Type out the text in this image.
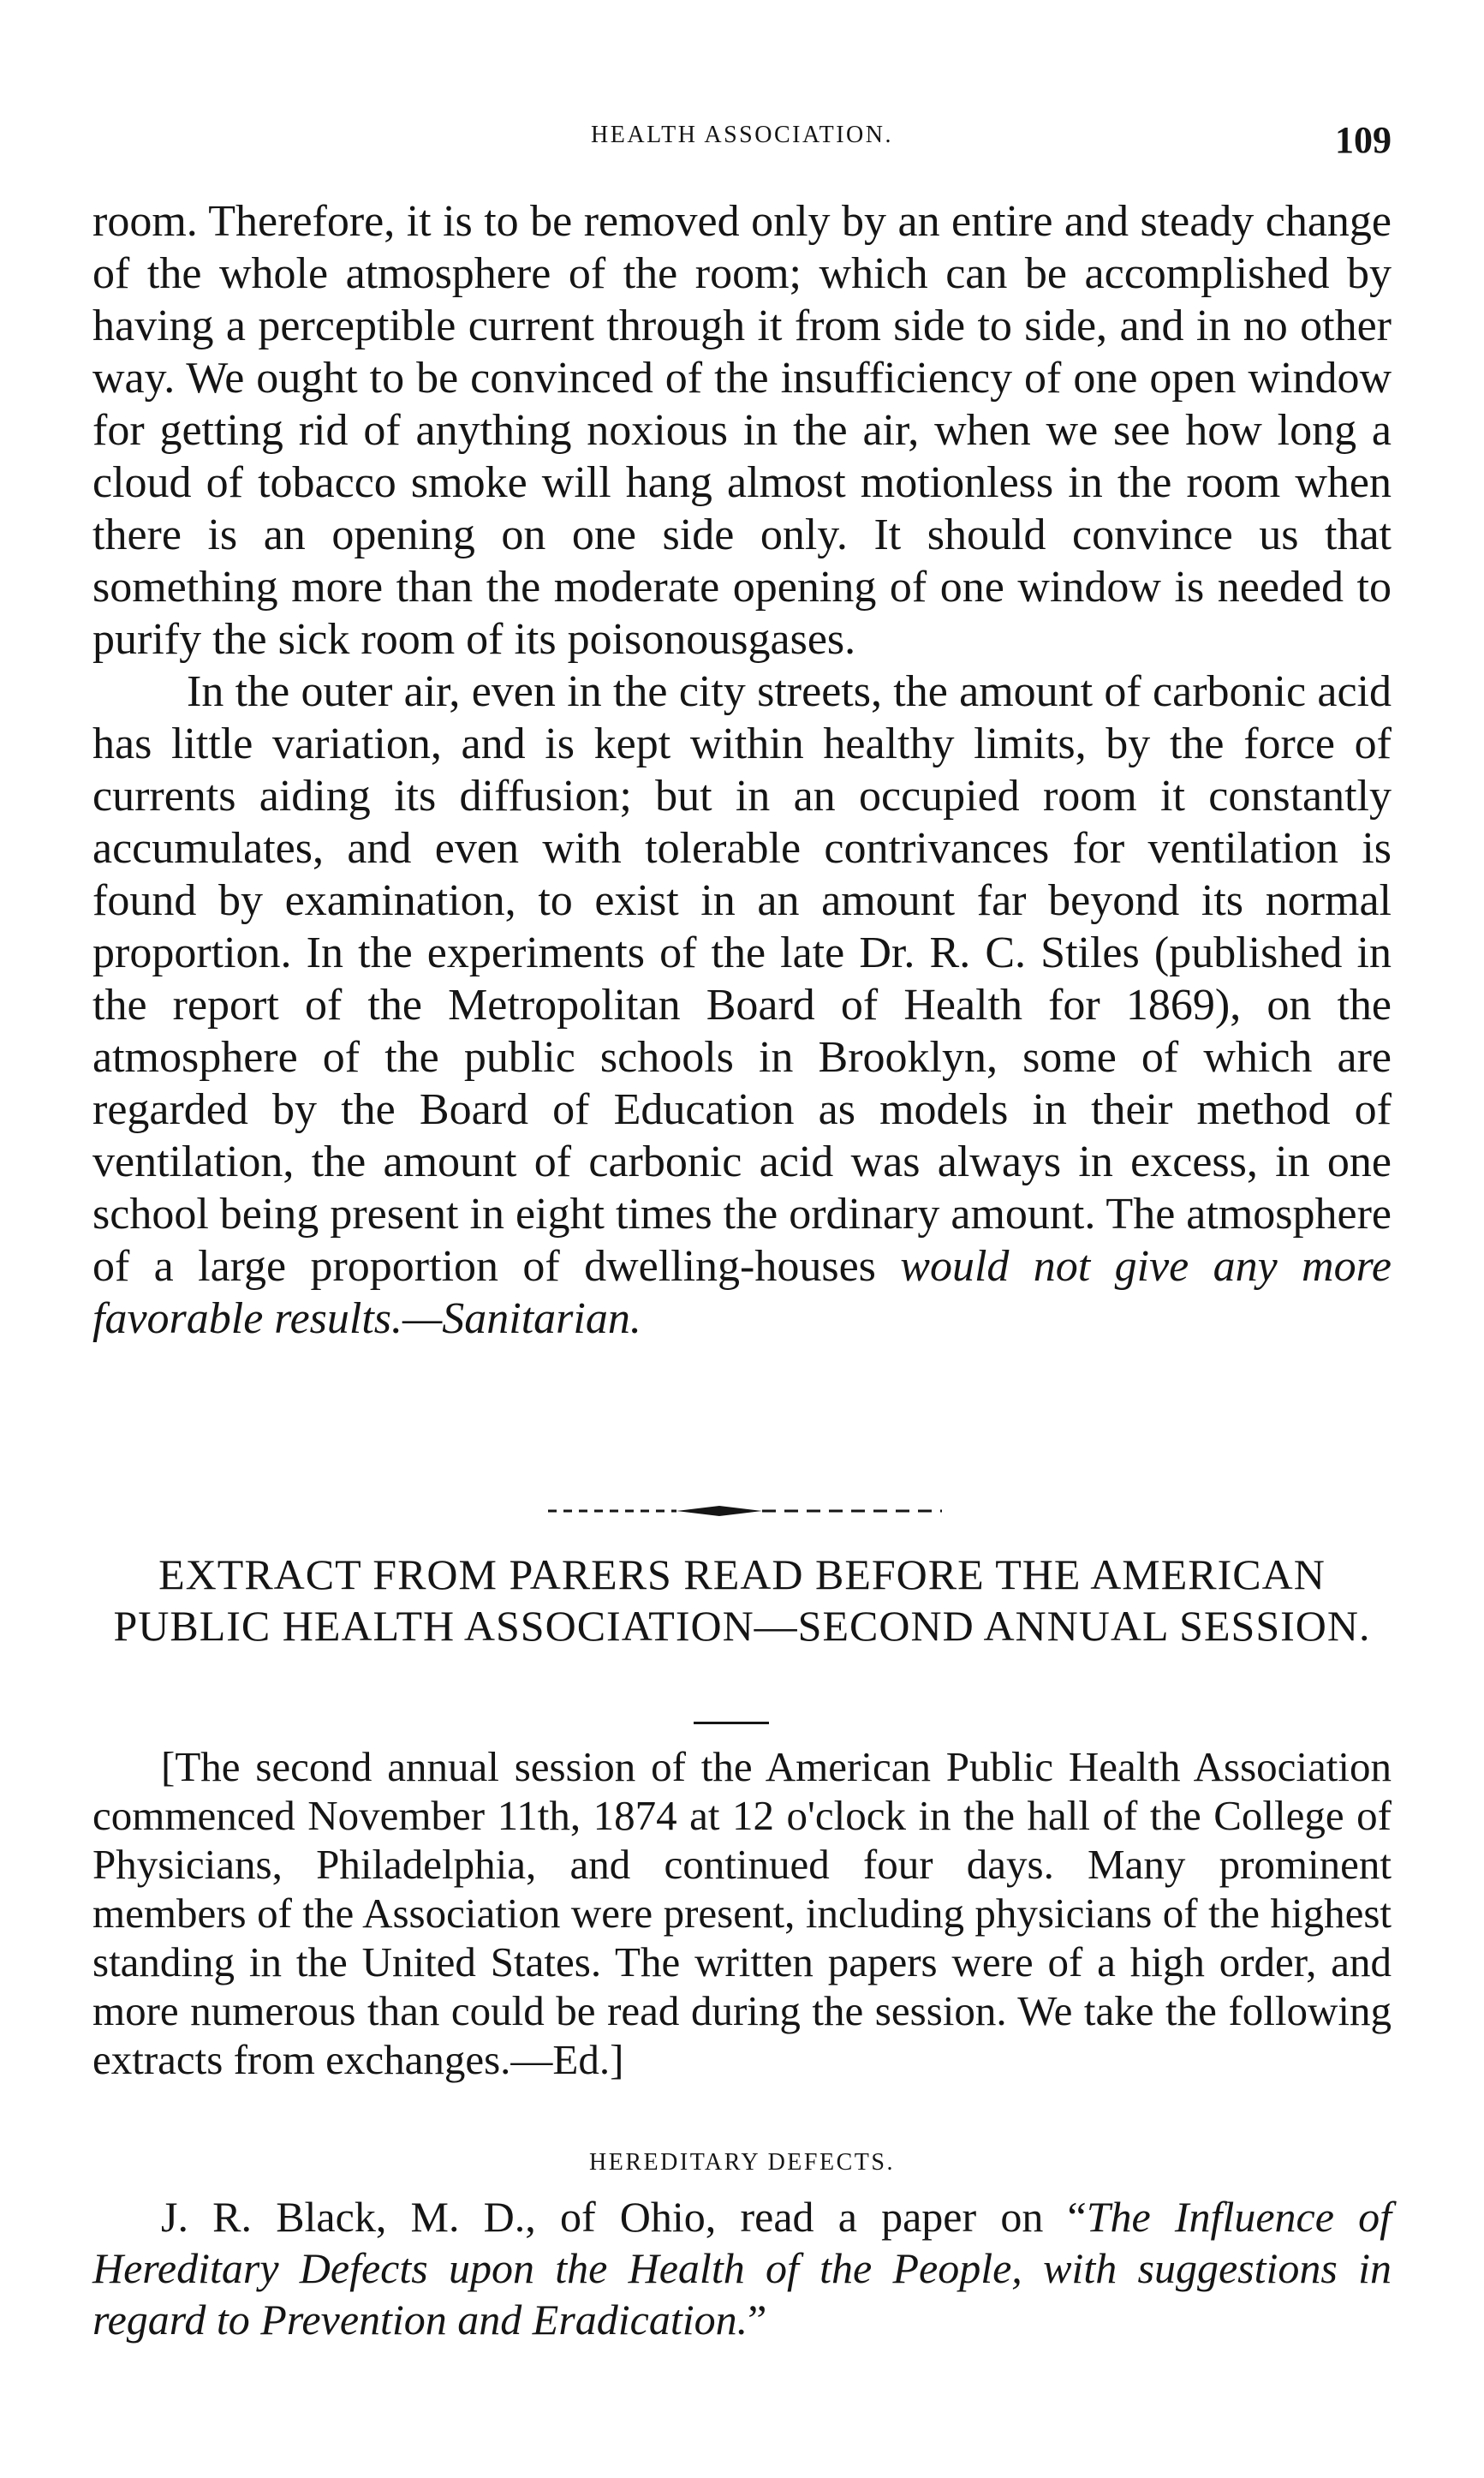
HEALTH ASSOCIATION.	109

room. Therefore, it is to be removed only by an entire and steady change of the whole atmosphere of the room; which can be accomplished by having a perceptible current through it from side to side, and in no other way. We ought to be convinced of the insufficiency of one open window for getting rid of anything noxious in the air, when we see how long a cloud of tobacco smoke will hang almost motionless in the room when there is an opening on one side only. It should convince us that something more than the moderate opening of one window is needed to purify the sick room of its poisonousgases.

In the outer air, even in the city streets, the amount of carbonic acid has little variation, and is kept within healthy limits, by the force of currents aiding its diffusion; but in an occupied room it constantly accumulates, and even with tolerable contrivances for ventilation is found by examination, to exist in an amount far beyond its normal proportion. In the experiments of the late Dr. R. C. Stiles (published in the report of the Metropolitan Board of Health for 1869), on the atmosphere of the public schools in Brooklyn, some of which are regarded by the Board of Education as models in their method of ventilation, the amount of carbonic acid was always in excess, in one school being present in eight times the ordinary amount. The atmosphere of a large proportion of dwelling-houses would not give any more favorable results.—Sanitarian.

EXTRACT FROM PARERS READ BEFORE THE AMERICAN PUBLIC HEALTH ASSOCIATION—SECOND ANNUAL SESSION.

[The second annual session of the American Public Health Association commenced November 11th, 1874 at 12 o'clock in the hall of the College of Physicians, Philadelphia, and continued four days. Many prominent members of the Association were present, including physicians of the highest standing in the United States. The written papers were of a high order, and more numerous than could be read during the session. We take the following extracts from exchanges.—Ed.]

HEREDITARY DEFECTS.

J. R. Black, M. D., of Ohio, read a paper on “The Influence of Hereditary Defects upon the Health of the People, with suggestions in regard to Prevention and Eradication.”
